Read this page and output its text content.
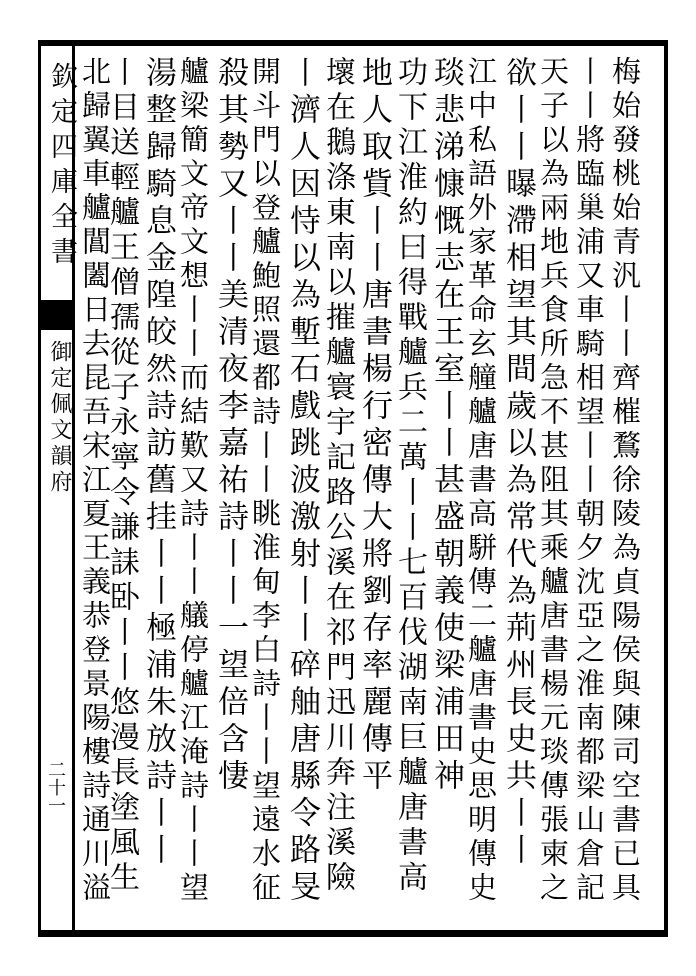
欽定四庫全書
御定佩文韻府
二十一	梅始發桃始青汎丨丨齊槯鶩徐陵為貞陽侯與陳司空書已具
丨丨將臨巢浦又車騎相望丨丨朝夕沈亞之淮南都梁山倉記
天子以為兩地兵食所急不甚阻其乘艫唐書楊元琰傳張柬之
欲丨丨曝滯相望其間歲以為常代為荊州長史共丨丨
江中私語外家革命玄艟艫唐書高駢傳二艫唐書史思明傳史
琰悲涕慷慨志在王室丨丨甚盛朝義使梁浦田神
功下江淮約曰得戰艫兵二萬丨丨七百伐湖南巨艫唐書高
地人取貲丨丨唐書楊行密傳大將劉存率麗傳平
壞在鵝涤東南以摧艫寰宇記路公溪在祁門迅川奔注溪險
丨濟人因恃以為塹石戲跳波激射丨丨碎舳唐縣令路旻
開斗門以登艫鮑照還都詩丨丨眺淮甸李白詩丨丨望遠水征
殺其勢又丨丨美清夜李嘉祐詩丨丨一望倍含悽
艫梁簡文帝文想丨丨而結歎又詩丨丨艤停艫江淹詩丨丨望
湯整歸騎息金隍皎然詩訪舊挂丨丨極浦朱放詩丨丨
丨目送輕艫王僧孺從子永寧令謙誄卧丨丨悠漫長塗風生
北歸翼車艫閶闔日去昆吾宋江夏王義恭登景陽樓詩通川溢
